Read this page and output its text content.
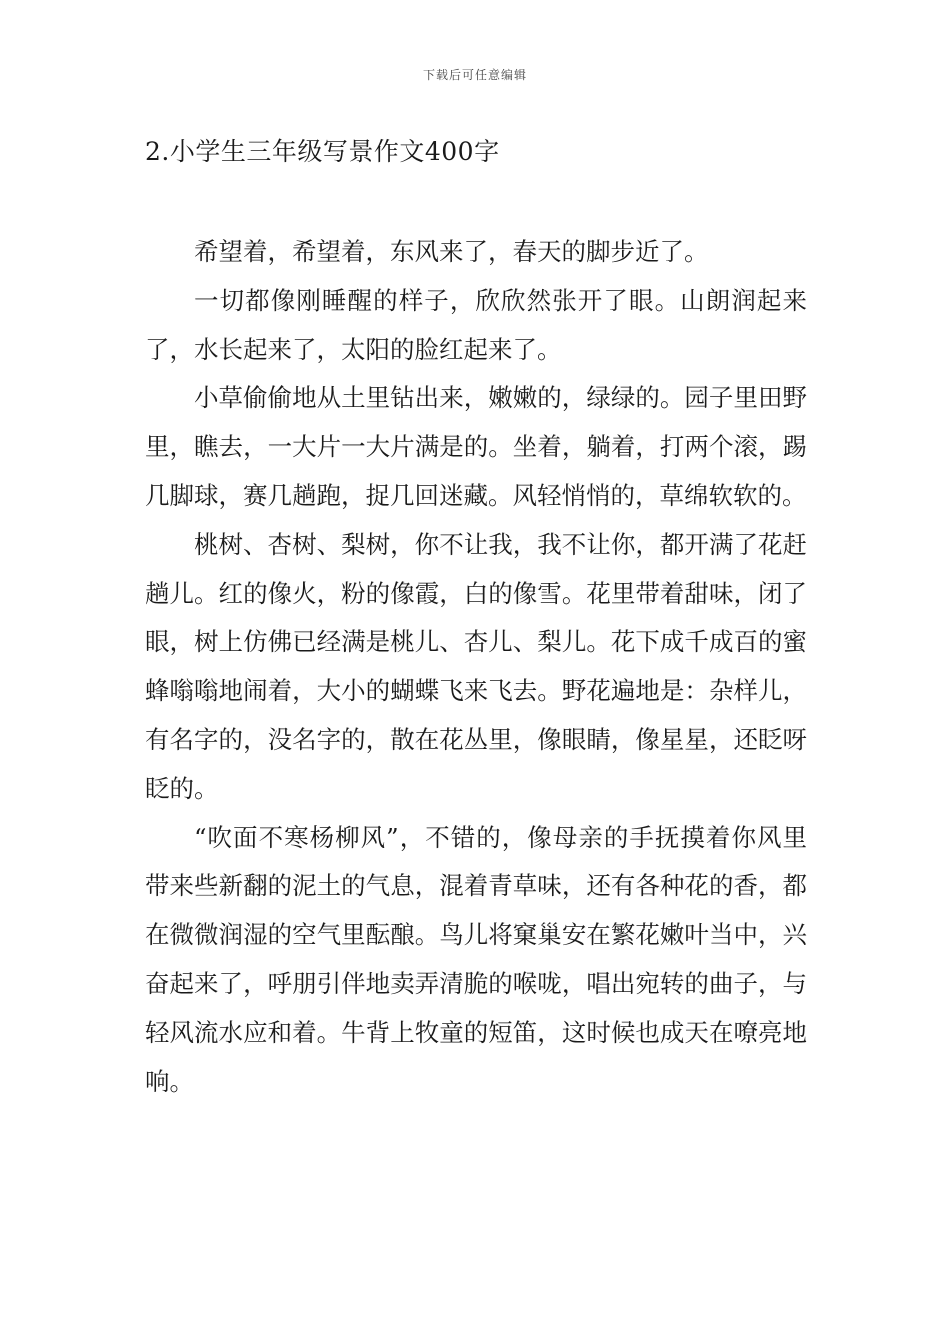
下载后可任意编辑
2.小学生三年级写景作文400字

希望着，希望着，东风来了，春天的脚步近了。

一切都像刚睡醒的样子，欣欣然张开了眼。山朗润起来了，水长起来了，太阳的脸红起来了。

小草偷偷地从土里钻出来，嫩嫩的，绿绿的。园子里田野里，瞧去，一大片一大片满是的。坐着，躺着，打两个滚，踢几脚球，赛几趟跑，捉几回迷藏。风轻悄悄的，草绵软软的。

桃树、杏树、梨树，你不让我，我不让你，都开满了花赶趟儿。红的像火，粉的像霞，白的像雪。花里带着甜味，闭了眼，树上仿佛已经满是桃儿、杏儿、梨儿。花下成千成百的蜜蜂嗡嗡地闹着，大小的蝴蝶飞来飞去。野花遍地是：杂样儿，有名字的，没名字的，散在花丛里，像眼睛，像星星，还眨呀眨的。

“吹面不寒杨柳风”，不错的，像母亲的手抚摸着你风里带来些新翻的泥土的气息，混着青草味，还有各种花的香，都在微微润湿的空气里酝酿。鸟儿将窠巢安在繁花嫩叶当中，兴奋起来了，呼朋引伴地卖弄清脆的喉咙，唱出宛转的曲子，与轻风流水应和着。牛背上牧童的短笛，这时候也成天在嘹亮地响。
